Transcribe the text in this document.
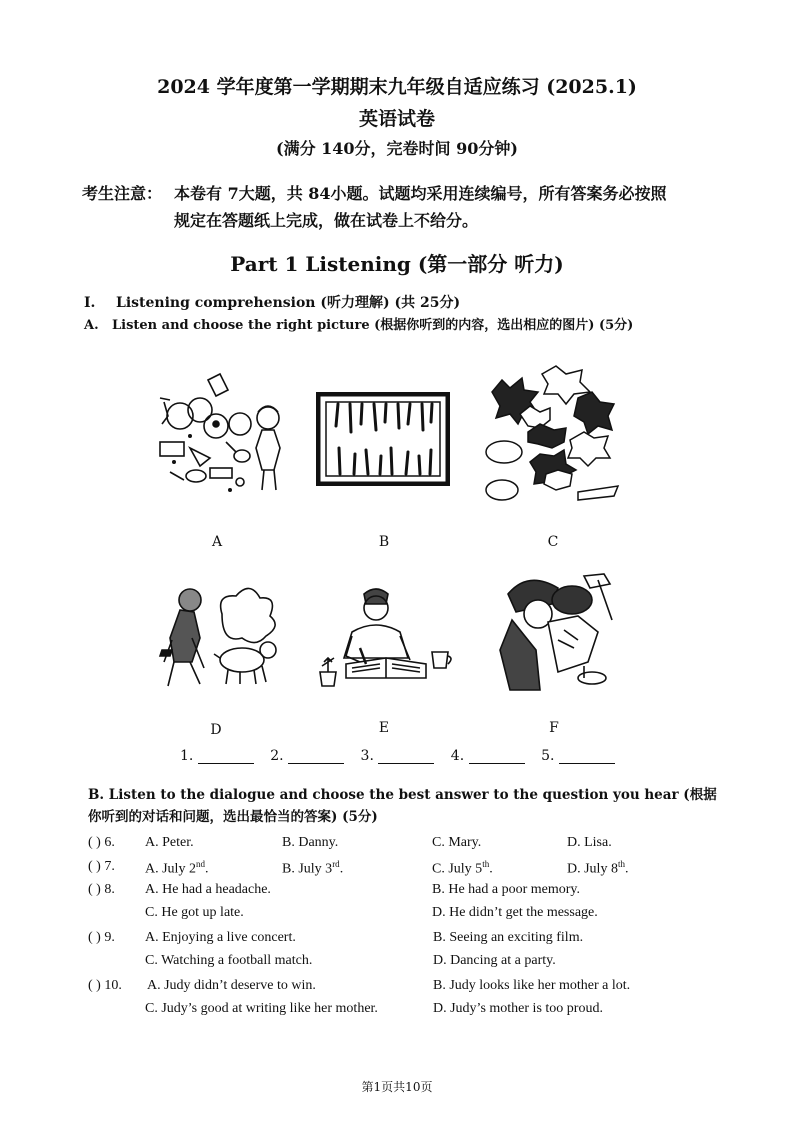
2024 学年度第一学期期末九年级自适应练习 (2025.1)
英语试卷
(满分 140分，完卷时间 90分钟)
考生注意： 本卷有 7大题，共 84小题。试题均采用连续编号，所有答案务必按照
规定在答题纸上完成，做在试卷上不给分。
Part 1 Listening (第一部分 听力)
I. Listening comprehension (听力理解) (共 25分)
A. Listen and choose the right picture (根据你听到的内容，选出相应的图片) (5分)
A	B	C
D	E	F
1.	2.	3.	4.	5.
B. Listen to the dialogue and choose the best answer to the question you hear (根据你听到的对话和问题，选出最恰当的答案) (5分)
( ) 6. A. Peter.	B. Danny.	C. Mary.	D. Lisa.
( ) 7. A. July 2nd.	B. July 3rd.	C. July 5th.	D. July 8th.
( ) 8. A. He had a headache.	B. He had a poor memory.
C. He got up late.	D. He didn’t get the message.
( ) 9. A. Enjoying a live concert.	B. Seeing an exciting film.
C. Watching a football match.	D. Dancing at a party.
( ) 10. A. Judy didn’t deserve to win.	B. Judy looks like her mother a lot.
C. Judy’s good at writing like her mother.	D. Judy’s mother is too proud.
第1页共10页
